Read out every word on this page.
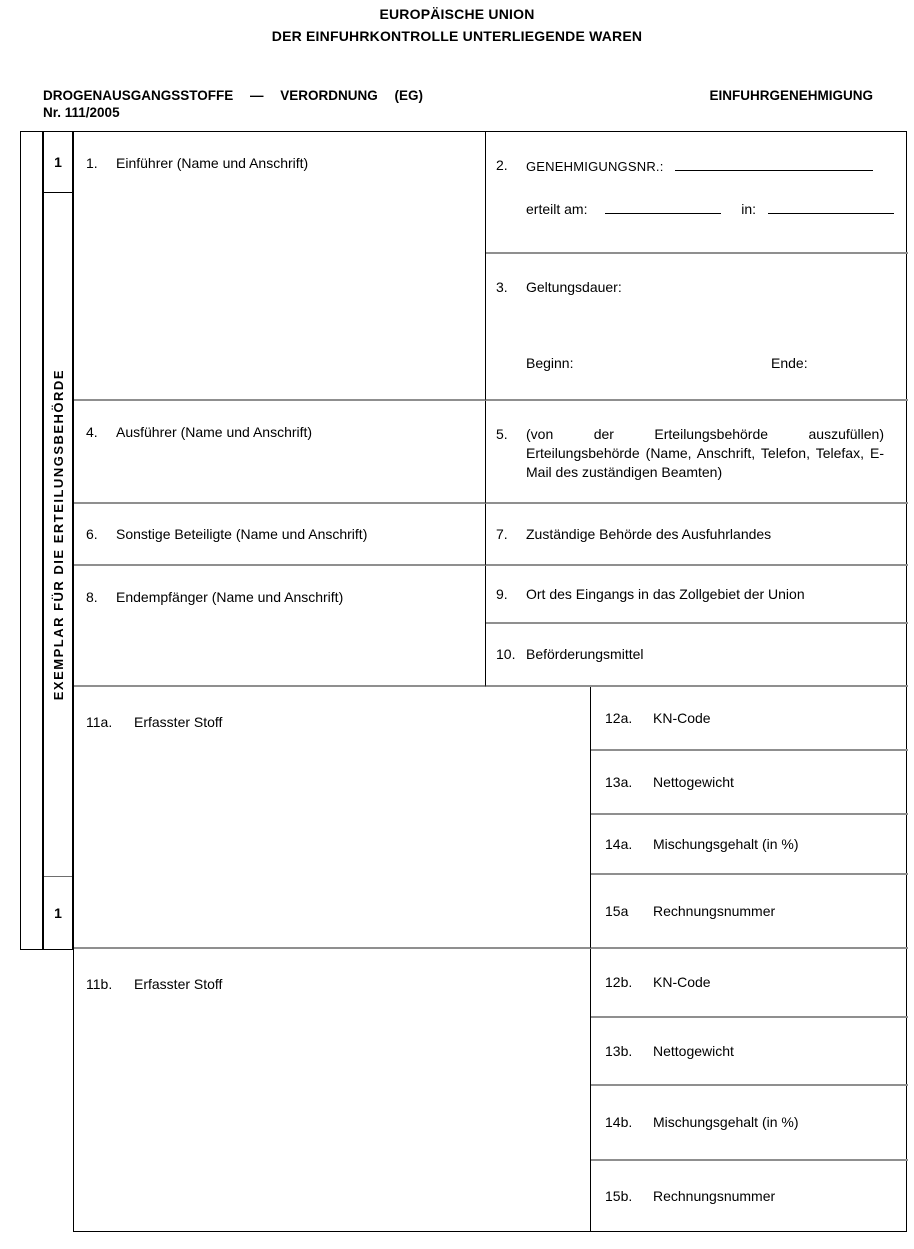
EUROPÄISCHE UNION
DER EINFUHRKONTROLLE UNTERLIEGENDE WAREN
DROGENAUSGANGSSTOFFE — VERORDNUNG (EG)
Nr. 111/2005
EINFUHRGENEHMIGUNG
1
EXEMPLAR FÜR DIE ERTEILUNGSBEHÖRDE
1
1. Einführer (Name und Anschrift)	2. GENEHMIGUNGSNR.:
erteilt am:	in:
3. Geltungsdauer:
Beginn:	Ende:
4. Ausführer (Name und Anschrift)	5. (von der Erteilungsbehörde auszufüllen) Erteilungsbehörde (Name, Anschrift, Telefon, Telefax, E-Mail des zuständigen Beamten)
6. Sonstige Beteiligte (Name und Anschrift)	7. Zuständige Behörde des Ausfuhrlandes
8. Endempfänger (Name und Anschrift)	9. Ort des Eingangs in das Zollgebiet der Union
10. Beförderungsmittel
11a. Erfasster Stoff	12a. KN-Code
13a. Nettogewicht
14a. Mischungsgehalt (in %)
15a Rechnungsnummer
11b. Erfasster Stoff	12b. KN-Code
13b. Nettogewicht
14b. Mischungsgehalt (in %)
15b. Rechnungsnummer
